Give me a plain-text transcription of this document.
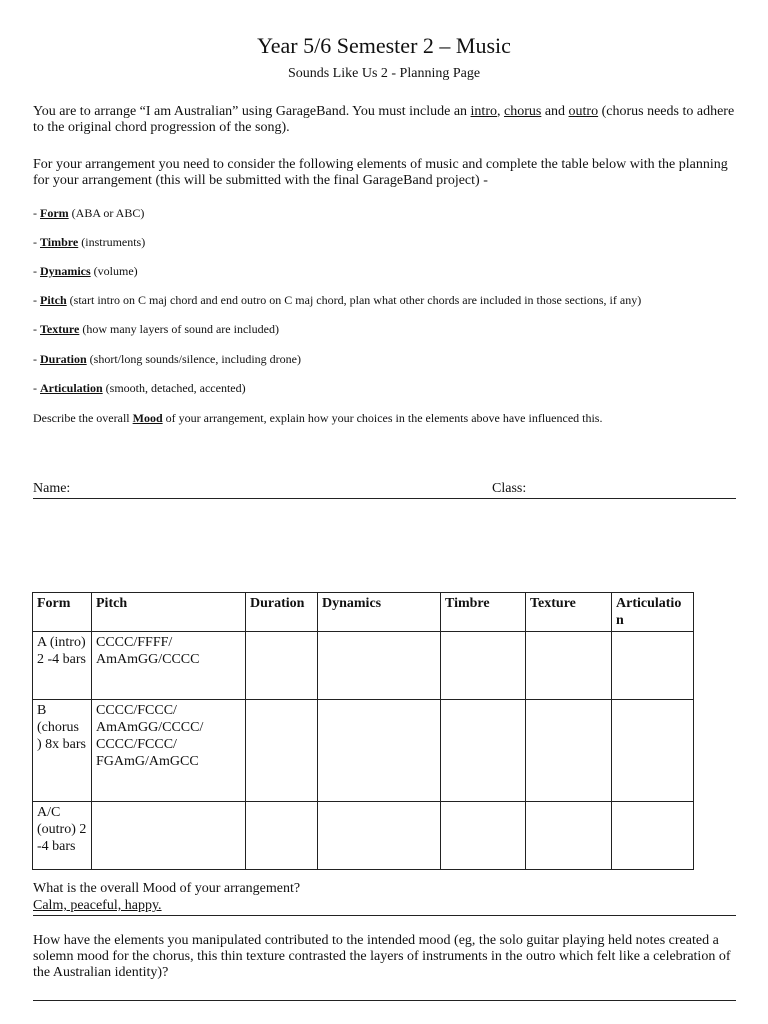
Year 5/6 Semester 2 – Music
Sounds Like Us 2 - Planning Page
You are to arrange “I am Australian” using GarageBand. You must include an intro, chorus and outro (chorus needs to adhere to the original chord progression of the song).
For your arrangement you need to consider the following elements of music and complete the table below with the planning for your arrangement (this will be submitted with the final GarageBand project) -
- Form (ABA or ABC)
- Timbre (instruments)
- Dynamics (volume)
- Pitch (start intro on C maj chord and end outro on C maj chord, plan what other chords are included in those sections, if any)
- Texture (how many layers of sound are included)
- Duration (short/long sounds/silence, including drone)
- Articulation (smooth, detached, accented)
Describe the overall Mood of your arrangement, explain how your choices in the elements above have influenced this.
Name:	Class:
Form	Pitch	Duration	Dynamics	Timbre	Texture	Articulatio n
A (intro) 2 -4 bars	CCCC/FFFF/ AmAmGG/CCCC					
B (chorus ) 8x bars	CCCC/FCCC/ AmAmGG/CCCC/ CCCC/FCCC/ FGAmG/AmGCC					
A/C (outro) 2 -4 bars						
What is the overall Mood of your arrangement?
Calm, peaceful, happy.
How have the elements you manipulated contributed to the intended mood (eg, the solo guitar playing held notes created a solemn mood for the chorus, this thin texture contrasted the layers of instruments in the outro which felt like a celebration of the Australian identity)?
